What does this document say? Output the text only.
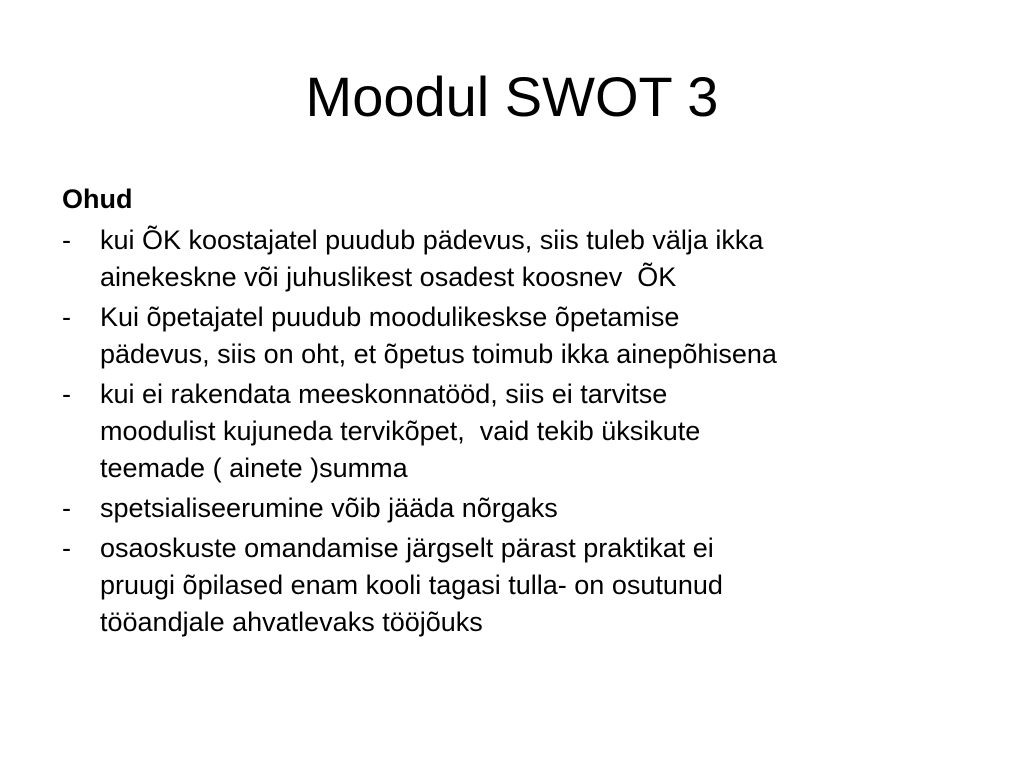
Moodul SWOT 3
Ohud
-	kui ÕK koostajatel puudub pädevus, siis tuleb välja ikka
ainekeskne või juhuslikest osadest koosnev  ÕK
-	Kui õpetajatel puudub moodulikeskse õpetamise
pädevus, siis on oht, et õpetus toimub ikka ainepõhisena
-	kui ei rakendata meeskonnatööd, siis ei tarvitse
moodulist kujuneda tervikõpet,  vaid tekib üksikute
teemade ( ainete )summa
-	spetsialiseerumine võib jääda nõrgaks
-	osaoskuste omandamise järgselt pärast praktikat ei
pruugi õpilased enam kooli tagasi tulla- on osutunud
tööandjale ahvatlevaks tööjõuks
